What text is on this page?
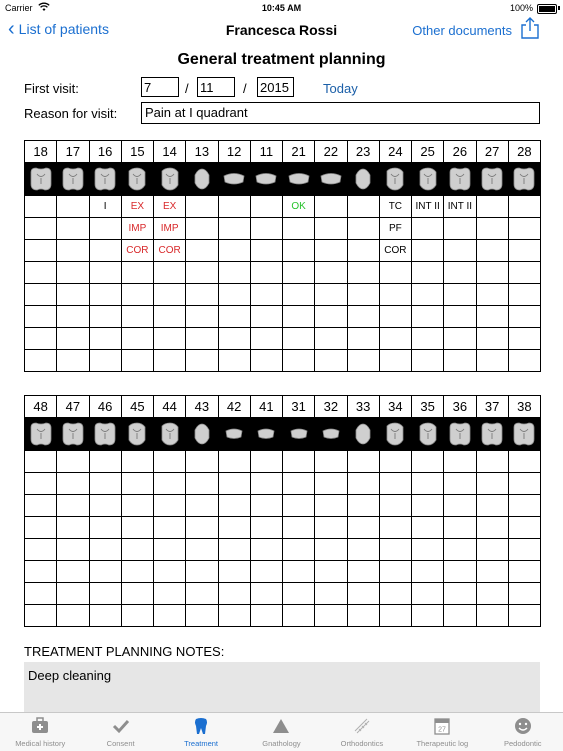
Carrier	10:45 AM	100%
‹ List of patients	Francesca Rossi	Other documents
General treatment planning
First visit:	7	/ 11	/ 2015	Today
Reason for visit:	Pain at I quadrant
18	17	16	15	14	13	12	11	21	22	23	24	25	26	27	28

		I	EX	EX				OK			TC	INT II	INT II		
			IMP	IMP							PF				
			COR	COR							COR				

48	47	46	45	44	43	42	41	31	32	33	34	35	36	37	38

TREATMENT PLANNING NOTES:
Deep cleaning
Medical history	Consent	Treatment	Gnathology	Orthodontics
27
Therapeutic log	Pedodontic
